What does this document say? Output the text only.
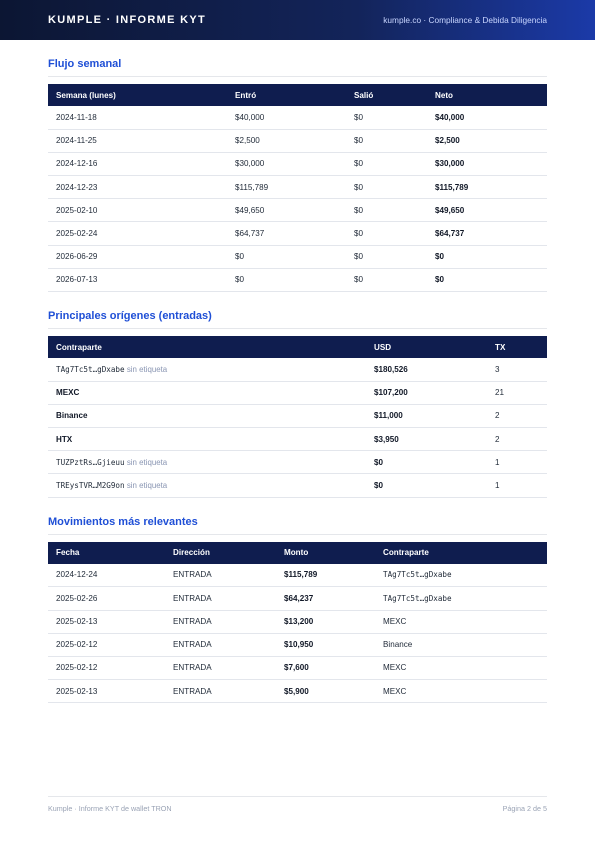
KUMPLE · INFORME KYT	kumple.co · Compliance & Debida Diligencia
Flujo semanal
Semana (lunes)	Entró	Salió	Neto
2024-11-18	$40,000	$0	$40,000
2024-11-25	$2,500	$0	$2,500
2024-12-16	$30,000	$0	$30,000
2024-12-23	$115,789	$0	$115,789
2025-02-10	$49,650	$0	$49,650
2025-02-24	$64,737	$0	$64,737
2026-06-29	$0	$0	$0
2026-07-13	$0	$0	$0
Principales orígenes (entradas)
Contraparte	USD	TX
TAg7Tc5t…gDxabe sin etiqueta	$180,526	3
MEXC	$107,200	21
Binance	$11,000	2
HTX	$3,950	2
TUZPztRs…Gjieuu sin etiqueta	$0	1
TREysTVR…M2G9on sin etiqueta	$0	1
Movimientos más relevantes
Fecha	Dirección	Monto	Contraparte
2024-12-24	ENTRADA	$115,789	TAg7Tc5t…gDxabe
2025-02-26	ENTRADA	$64,237	TAg7Tc5t…gDxabe
2025-02-13	ENTRADA	$13,200	MEXC
2025-02-12	ENTRADA	$10,950	Binance
2025-02-12	ENTRADA	$7,600	MEXC
2025-02-13	ENTRADA	$5,900	MEXC
Kumple · Informe KYT de wallet TRON	Página 2 de 5
